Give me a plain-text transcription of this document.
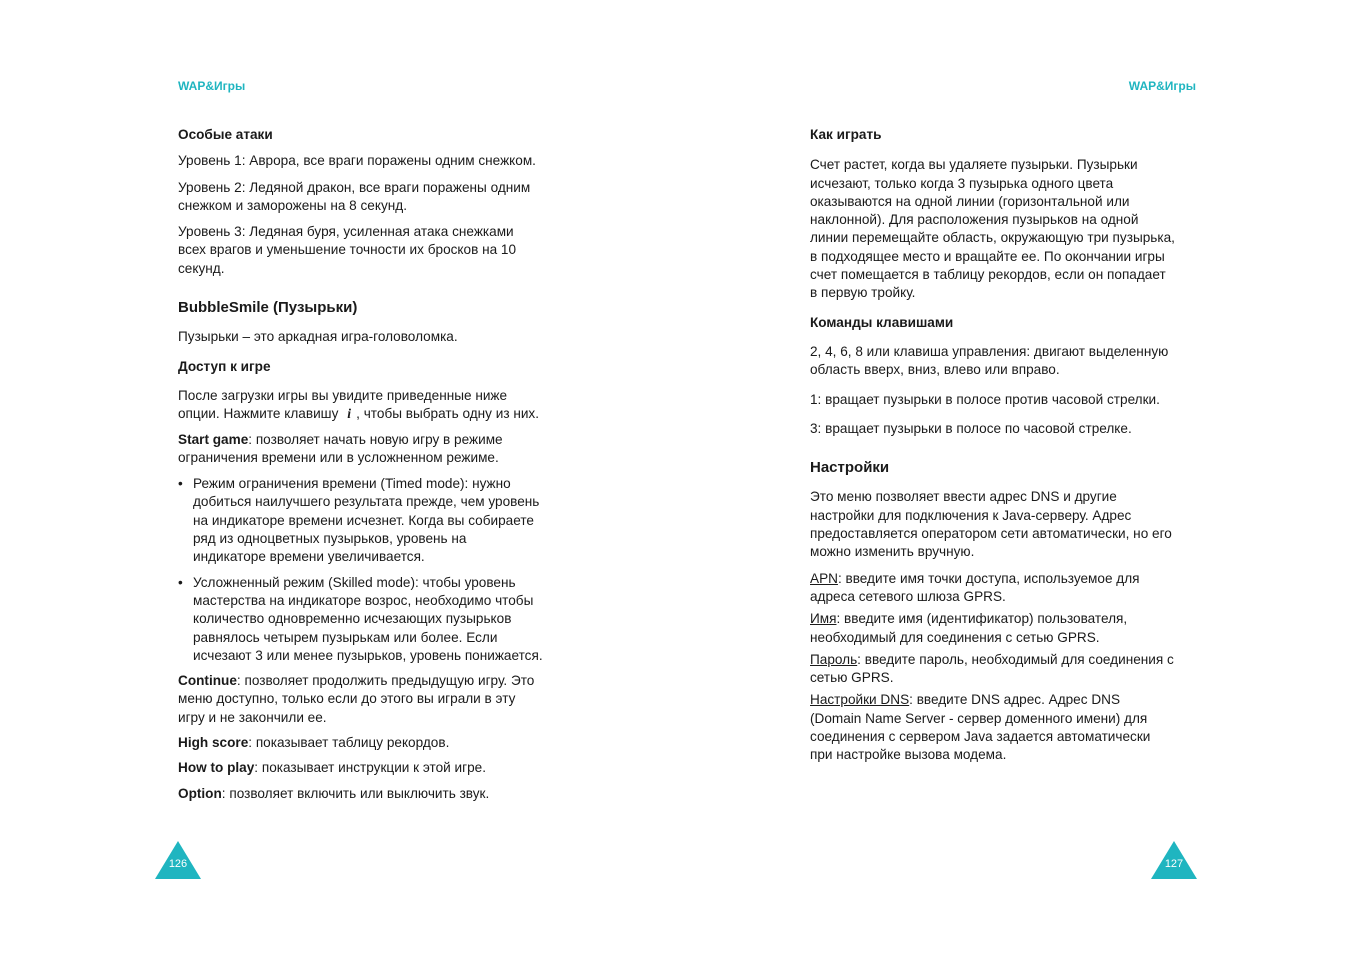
WAP&Игры

Особые атаки

Уровень 1: Аврора, все враги поражены одним снежком.

Уровень 2: Ледяной дракон, все враги поражены одним снежком и заморожены на 8 секунд.

Уровень 3: Ледяная буря, усиленная атака снежками всех врагов и уменьшение точности их бросков на 10 секунд.

BubbleSmile (Пузырьки)

Пузырьки – это аркадная игра-головоломка.

Доступ к игре

После загрузки игры вы увидите приведенные ниже опции. Нажмите клавишу i , чтобы выбрать одну из них.

Start game: позволяет начать новую игру в режиме ограничения времени или в усложненном режиме.

• Режим ограничения времени (Timed mode): нужно добиться наилучшего результата прежде, чем уровень на индикаторе времени исчезнет. Когда вы собираете ряд из одноцветных пузырьков, уровень на индикаторе времени увеличивается.
• Усложненный режим (Skilled mode): чтобы уровень мастерства на индикаторе возрос, необходимо чтобы количество одновременно исчезающих пузырьков равнялось четырем пузырькам или более. Если исчезают 3 или менее пузырьков, уровень понижается.

Continue: позволяет продолжить предыдущую игру. Это меню доступно, только если до этого вы играли в эту игру и не закончили ее.

High score: показывает таблицу рекордов.

How to play: показывает инструкции к этой игре.

Option: позволяет включить или выключить звук.

126
WAP&Игры

Как играть

Счет растет, когда вы удаляете пузырьки. Пузырьки исчезают, только когда 3 пузырька одного цвета оказываются на одной линии (горизонтальной или наклонной). Для расположения пузырьков на одной линии перемещайте область, окружающую три пузырька, в подходящее место и вращайте ее. По окончании игры счет помещается в таблицу рекордов, если он попадает в первую тройку.

Команды клавишами

2, 4, 6, 8 или клавиша управления: двигают выделенную область вверх, вниз, влево или вправо.

1: вращает пузырьки в полосе против часовой стрелки.

3: вращает пузырьки в полосе по часовой стрелке.

Настройки

Это меню позволяет ввести адрес DNS и другие настройки для подключения к Java-серверу. Адрес предоставляется оператором сети автоматически, но его можно изменить вручную.

APN: введите имя точки доступа, используемое для адреса сетевого шлюза GPRS.

Имя: введите имя (идентификатор) пользователя, необходимый для соединения с сетью GPRS.

Пароль: введите пароль, необходимый для соединения с сетью GPRS.

Настройки DNS: введите DNS адрес. Адрес DNS (Domain Name Server - сервер доменного имени) для соединения с сервером Java задается автоматически при настройке вызова модема.

127
